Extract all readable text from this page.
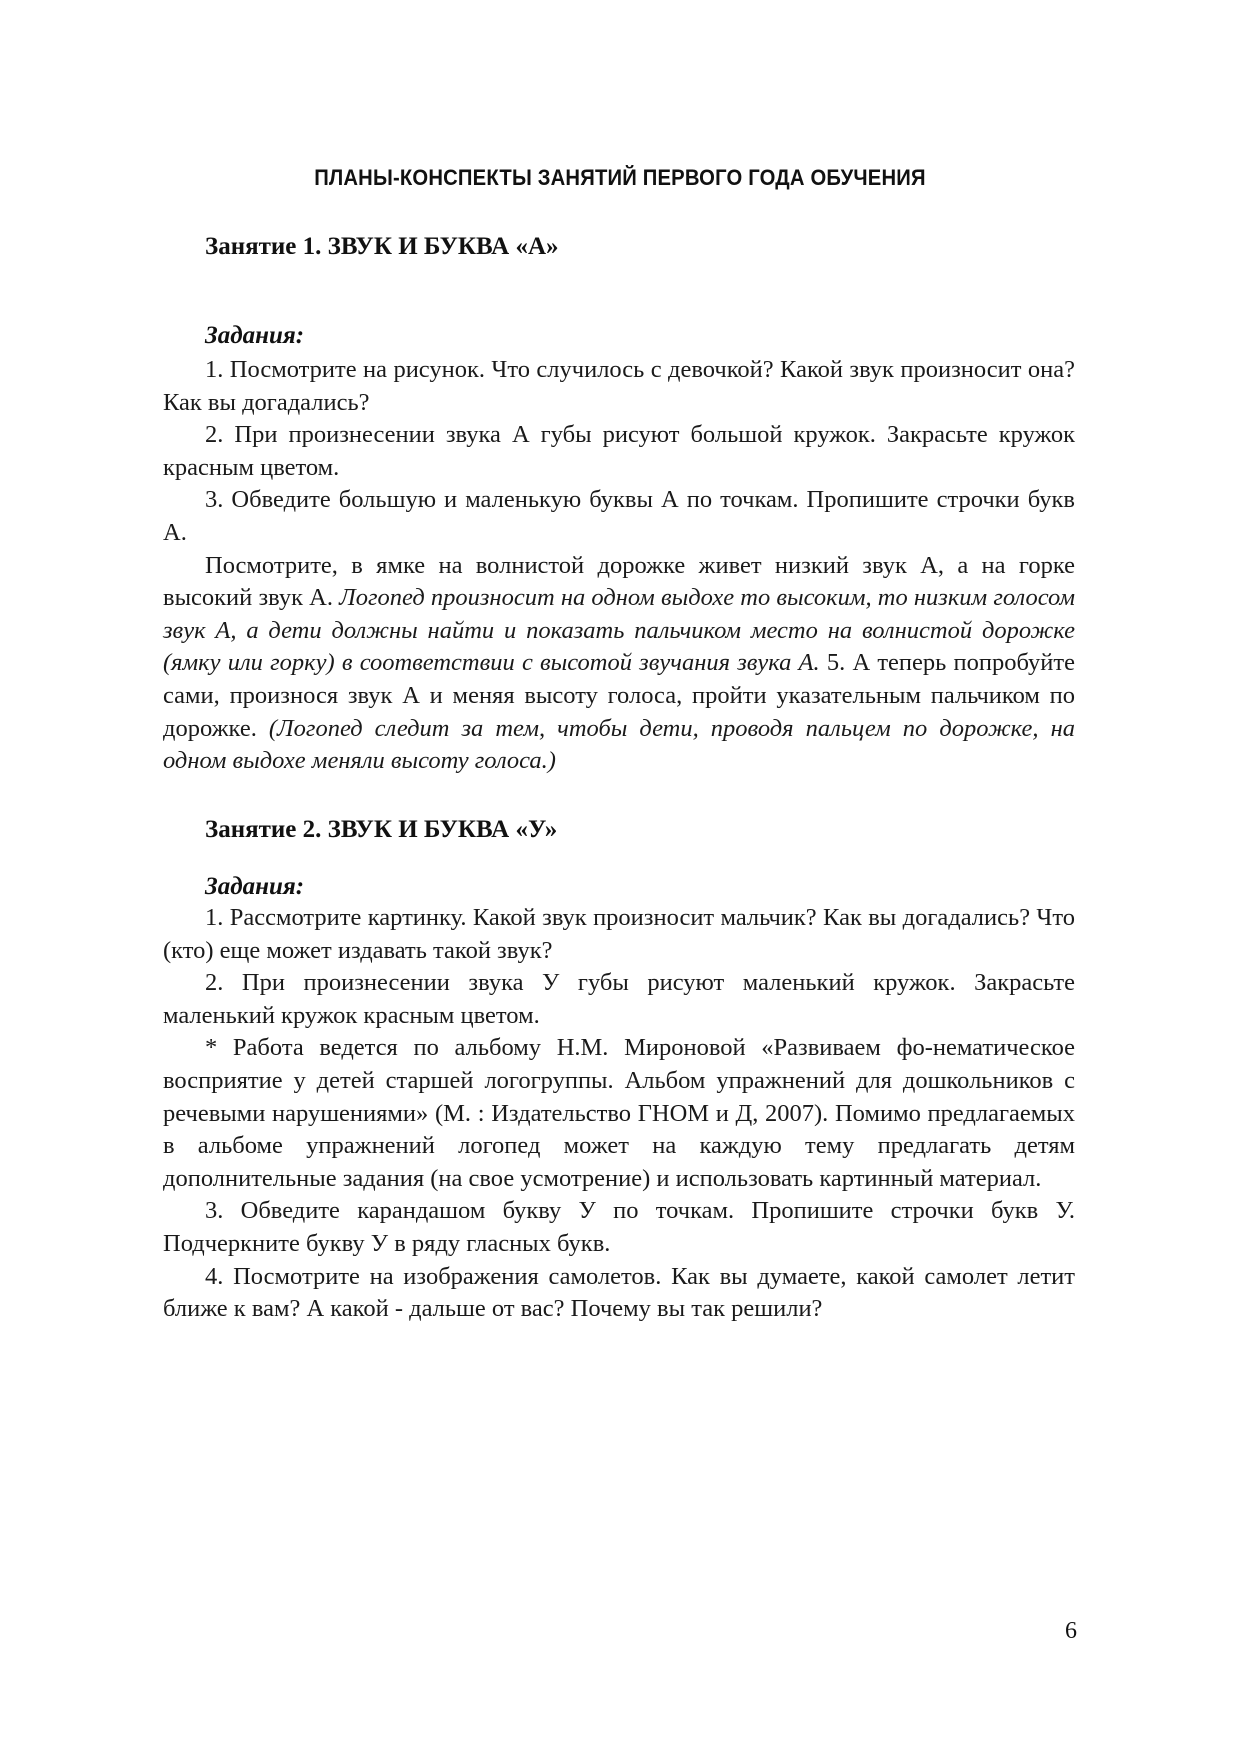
ПЛАНЫ-КОНСПЕКТЫ ЗАНЯТИЙ ПЕРВОГО ГОДА ОБУЧЕНИЯ
Занятие 1. ЗВУК И БУКВА «А»
Задания:

1. Посмотрите на рисунок. Что случилось с девочкой? Какой звук произносит она? Как вы догадались?

2. При произнесении звука А губы рисуют большой кружок. Закрасьте кружок красным цветом.

3. Обведите большую и маленькую буквы А по точкам. Пропишите строчки букв А.

Посмотрите, в ямке на волнистой дорожке живет низкий звук А, а на горке высокий звук А. Логопед произносит на одном выдохе то высоким, то низким голосом звук А, а дети должны найти и показать пальчиком место на волнистой дорожке (ямку или горку) в соответствии с высотой звучания звука А. 5. А теперь попробуйте сами, произнося звук А и меняя высоту голоса, пройти указательным пальчиком по дорожке. (Логопед следит за тем, чтобы дети, проводя пальцем по дорожке, на одном выдохе меняли высоту голоса.)

Занятие 2. ЗВУК И БУКВА «У»
Задания:

1. Рассмотрите картинку. Какой звук произносит мальчик? Как вы догадались? Что (кто) еще может издавать такой звук?

2. При произнесении звука У губы рисуют маленький кружок. Закрасьте маленький кружок красным цветом.

* Работа ведется по альбому Н.М. Мироновой «Развиваем фо-нематическое восприятие у детей старшей логогруппы. Альбом упражнений для дошкольников с речевыми нарушениями» (М. : Издательство ГНОМ и Д, 2007). Помимо предлагаемых в альбоме упражнений логопед может на каждую тему предлагать детям дополнительные задания (на свое усмотрение) и использовать картинный материал.

3. Обведите карандашом букву У по точкам. Пропишите строчки букв У. Подчеркните букву У в ряду гласных букв.

4. Посмотрите на изображения самолетов. Как вы думаете, какой самолет летит ближе к вам? А какой - дальше от вас? Почему вы так решили?

6
